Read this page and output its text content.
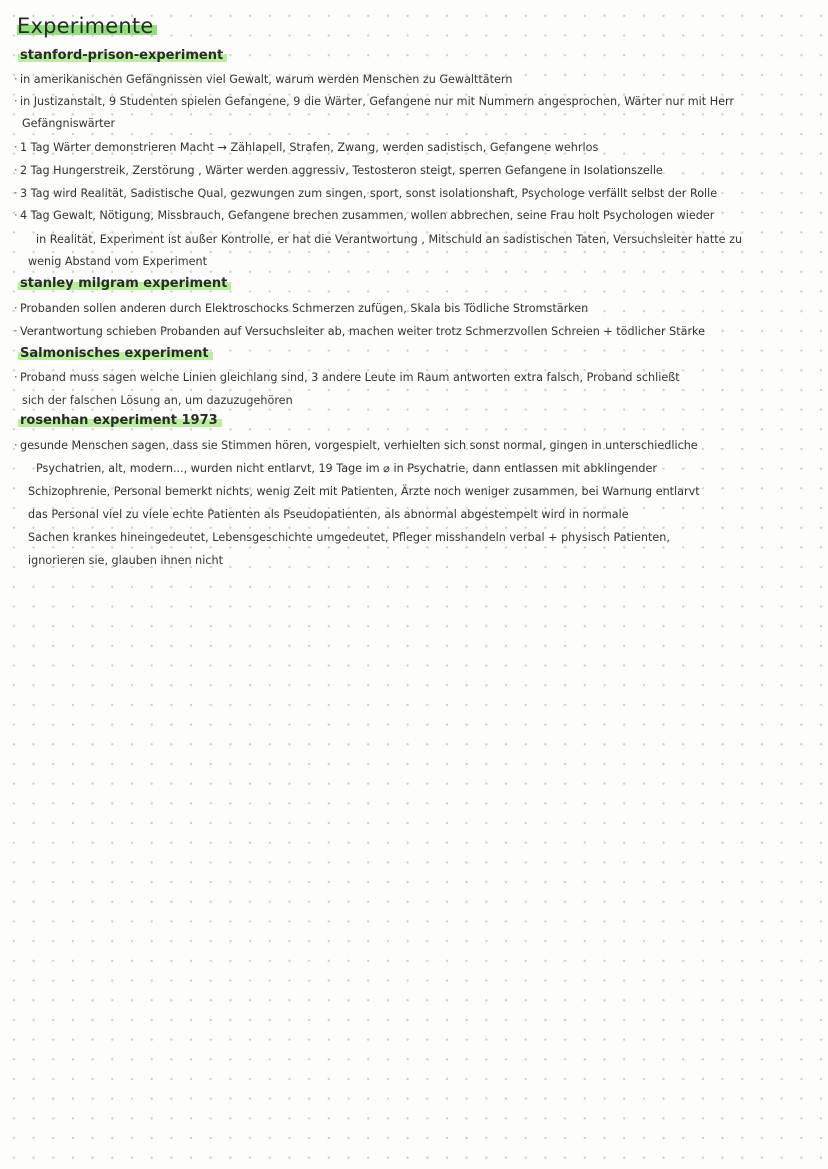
Experimente
stanford-prison-experiment

· in amerikanischen Gefängnissen viel Gewalt, warum werden Menschen zu Gewalttätern

· in Justizanstalt, 9 Studenten spielen Gefangene, 9 die Wärter, Gefangene nur mit Nummern angesprochen, Wärter nur mit Herr

Gefängniswärter

· 1 Tag Wärter demonstrieren Macht → Zählapell, Strafen, Zwang, werden sadistisch, Gefangene wehrlos

· 2 Tag Hungerstreik, Zerstörung , Wärter werden aggressiv, Testosteron steigt, sperren Gefangene in Isolationszelle

· 3 Tag wird Realität, Sadistische Qual, gezwungen zum singen, sport, sonst isolationshaft, Psychologe verfällt selbst der Rolle

· 4 Tag Gewalt, Nötigung, Missbrauch, Gefangene brechen zusammen, wollen abbrechen, seine Frau holt Psychologen wieder

in Realität, Experiment ist außer Kontrolle, er hat die Verantwortung , Mitschuld an sadistischen Taten, Versuchsleiter hatte zu

wenig Abstand vom Experiment

stanley milgram experiment

· Probanden sollen anderen durch Elektroschocks Schmerzen zufügen, Skala bis Tödliche Stromstärken

· Verantwortung schieben Probanden auf Versuchsleiter ab, machen weiter trotz Schmerzvollen Schreien + tödlicher Stärke

Salmonisches experiment

· Proband muss sagen welche Linien gleichlang sind, 3 andere Leute im Raum antworten extra falsch, Proband schließt

sich der falschen Lösung an, um dazuzugehören

rosenhan experiment 1973

· gesunde Menschen sagen, dass sie Stimmen hören, vorgespielt, verhielten sich sonst normal, gingen in unterschiedliche

Psychatrien, alt, modern..., wurden nicht entlarvt, 19 Tage im ⌀ in Psychatrie, dann entlassen mit abklingender

Schizophrenie, Personal bemerkt nichts, wenig Zeit mit Patienten, Ärzte noch weniger zusammen, bei Warnung entlarvt

das Personal viel zu viele echte Patienten als Pseudopatienten, als abnormal abgestempelt wird in normale

Sachen krankes hineingedeutet, Lebensgeschichte umgedeutet, Pfleger misshandeln verbal + physisch Patienten,

ignorieren sie, glauben ihnen nicht
